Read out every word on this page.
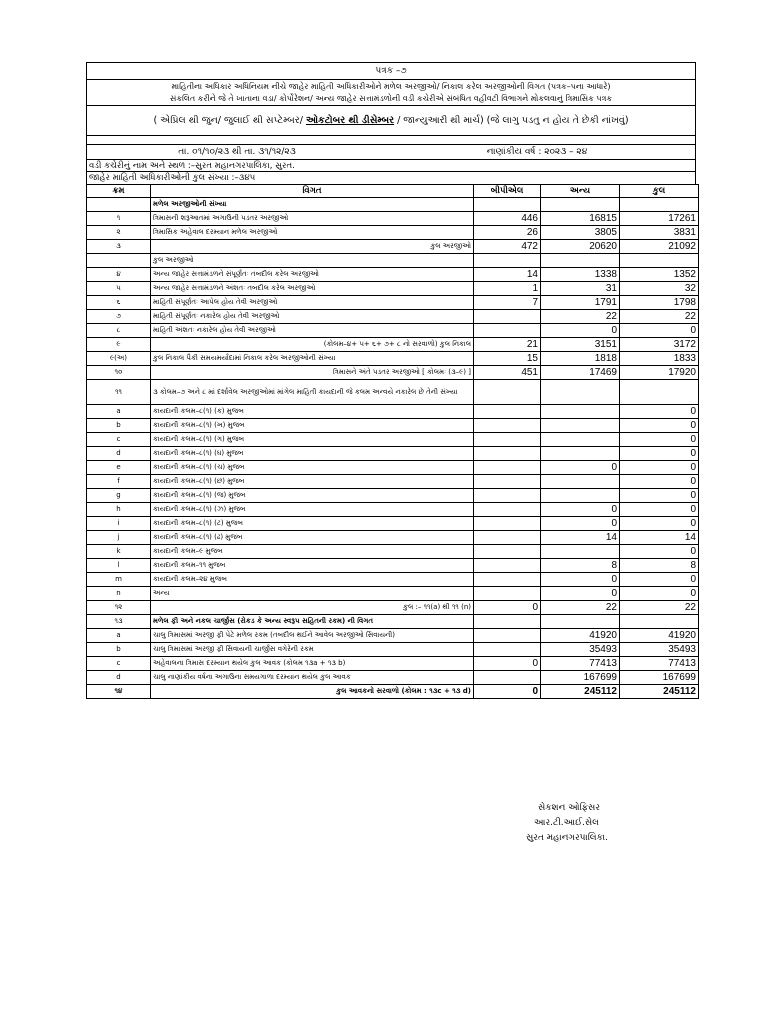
પત્રક –૭
માહિતીના અધિકાર અધિનિયમ નીચે જાહેર માહિતી અધિકારીઓને મળેલ અરજીઓ/ નિકાલ કરેલ અરજીઓની વિગત (પત્રક–પના આધારે)
સંકલિત કરીને જે તે ખાતાના વડા/ કોર્પોરેશન/ અન્ય જાહેર સત્તામંડળોની વડી કચેરીએ સંબંધિત વહીવટી વિભાગને મોકલવાનું ત્રિમાસિક પત્રક
( એપ્રિલ થી જુન/ જુલાઈ થી સપ્ટેમ્બર/ ઓકટોબર થી ડીસેમ્બર / જાન્યુઆરી થી માર્ચ) (જે લાગુ પડતુ ન હોય તે છેકી નાંખવું)
તા. ૦૧/૧૦/૨૩ થી તા. ૩૧/૧૨/૨૩	નાણાંકીય વર્ષ : ૨૦૨૩ – ૨૪
વડી કચેરીનું નામ અને સ્થળ :–સુરત મહાનગરપાલિકા, સુરત.
જાહેર માહિતી અધિકારીઓની કુલ સંખ્યા :–૩૪૫
ક્રમ	વિગત	બીપીએલ	અન્ય	કુલ
	મળેલ અરજીઓની સંખ્યા			
૧	ત્રિમાસની શરૂઆતમાં અગાઉની પડતર અરજીઓ	446	16815	17261
૨	ત્રિમાસિક અહેવાલ દરમ્યાન મળેલ અરજીઓ	26	3805	3831
૩	કુલ અરજીઓ	472	20620	21092
	કુલ અરજીઓ			
૪	અન્ય જાહેર સત્તામંડળને સંપૂર્ણતઃ તબદીલ કરેલ અરજીઓ	14	1338	1352
૫	અન્ય જાહેર સત્તામંડળને અંશતઃ તબદીલ કરેલ અરજીઓ	1	31	32
૬	માહિતી સંપૂર્ણતઃ આપેલ હોય તેવી અરજીઓ	7	1791	1798
૭	માહિતી સંપૂર્ણતઃ નકારેલ હોય તેવી અરજીઓ		22	22
૮	માહિતી અંશતઃ નકારેલ હોય તેવી અરજીઓ		0	0
૯	(કોલમ–૪+ ૫+ ૬+ ૭+ ૮ નો સરવાળો) કુલ નિકાલ	21	3151	3172
૯(અ)	કુલ નિકાલ પૈકી સમયમર્યાદામાં નિકાલ કરેલ અરજીઓની સંખ્યા	15	1818	1833
૧૦	ત્રિમાસને અંતે પડતર અરજીઓ [ કોલમઃ (૩–૯) ]	451	17469	17920
૧૧	૩ કોલમ–૭ અને ૮ માં દર્શાવેલ અરજીઓમાં માંગેલ માહિતી કાયદાની જે કલમ અન્વયે નકારેલ છે તેની સંખ્યા			
a	કાયદાની કલમ–૮(૧) (ક) મુજબ			0
b	કાયદાની કલમ–૮(૧) (ખ) મુજબ			0
c	કાયદાની કલમ–૮(૧) (ગ) મુજબ			0
d	કાયદાની કલમ–૮(૧) (ઘ) મુજબ			0
e	કાયદાની કલમ–૮(૧) (ચ) મુજબ		0	0
f	કાયદાની કલમ–૮(૧) (છ) મુજબ			0
g	કાયદાની કલમ–૮(૧) (જ) મુજબ			0
h	કાયદાની કલમ–૮(૧) (ઝ) મુજબ		0	0
i	કાયદાની કલમ–૮(૧) (ટ) મુજબ		0	0
j	કાયદાની કલમ–૮(૧) (ઢ) મુજબ		14	14
k	કાયદાની કલમ–૯ મુજબ			0
l	કાયદાની કલમ–૧૧ મુજબ		8	8
m	કાયદાની કલમ–૨૪ મુજબ		0	0
n	અન્ય		0	0
૧૨	કુલ :– ૧૧(a) થી ૧૧ (n)	0	22	22
૧૩	મળેલ ફી અને નકલ ચાર્જીસ (રોકડ કે અન્ય સ્વરૂપ સહિતની રકમ) ની વિગત			
a	ચાલુ ત્રિમાસમાં અરજી ફી પેટે મળેલ રકમ (તબદીલ થઈને આવેલ અરજીઓ સિવાયની)		41920	41920
b	ચાલુ ત્રિમાસમાં અરજી ફી સિવાયની ચાર્જીસ વગેરેની રકમ		35493	35493
c	અહેવાલના ત્રિમાસ દરમ્યાન થયેલ કુલ આવક (કોલમ ૧૩a + ૧૩ b)	0	77413	77413
d	ચાલુ નાણાંકીય વર્ષના અગાઉના સમયગાળા દરમ્યાન થયેલ કુલ આવક		167699	167699
૧૪	કુલ આવકનો સરવાળો (કોલમ : ૧૩c + ૧૩ d)	0	245112	245112
સેકશન ઓફિસર
આર.ટી.આઈ.સેલ
સુરત મહાનગરપાલિકા.
